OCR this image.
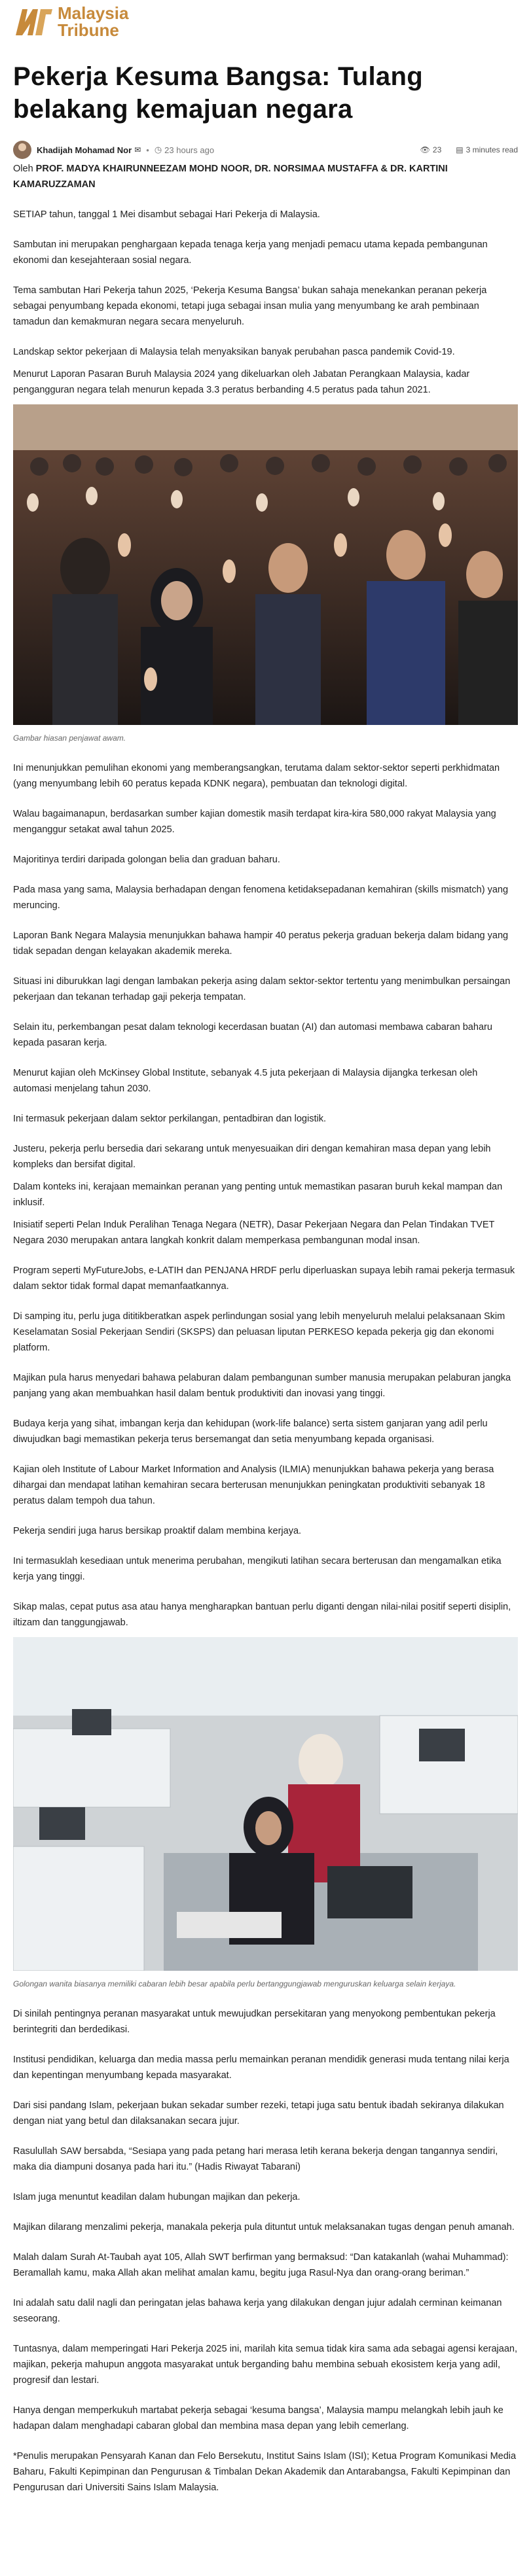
Malaysia
Tribune
Pekerja Kesuma Bangsa: Tulang belakang kemajuan negara
Khadijah Mohamad Nor ✉ • ◷ 23 hours ago	👁 23 ▤ 3 minutes read

Oleh PROF. MADYA KHAIRUNNEEZAM MOHD NOOR, DR. NORSIMAA MUSTAFFA & DR. KARTINI KAMARUZZAMAN

SETIAP tahun, tanggal 1 Mei disambut sebagai Hari Pekerja di Malaysia.

Sambutan ini merupakan penghargaan kepada tenaga kerja yang menjadi pemacu utama kepada pembangunan ekonomi dan kesejahteraan sosial negara.

Tema sambutan Hari Pekerja tahun 2025, ‘Pekerja Kesuma Bangsa’ bukan sahaja menekankan peranan pekerja sebagai penyumbang kepada ekonomi, tetapi juga sebagai insan mulia yang menyumbang ke arah pembinaan tamadun dan kemakmuran negara secara menyeluruh.

Landskap sektor pekerjaan di Malaysia telah menyaksikan banyak perubahan pasca pandemik Covid-19.

Menurut Laporan Pasaran Buruh Malaysia 2024 yang dikeluarkan oleh Jabatan Perangkaan Malaysia, kadar pengangguran negara telah menurun kepada 3.3 peratus berbanding 4.5 peratus pada tahun 2021.

Gambar hiasan penjawat awam.

Ini menunjukkan pemulihan ekonomi yang memberangsangkan, terutama dalam sektor-sektor seperti perkhidmatan (yang menyumbang lebih 60 peratus kepada KDNK negara), pembuatan dan teknologi digital.

Walau bagaimanapun, berdasarkan sumber kajian domestik masih terdapat kira-kira 580,000 rakyat Malaysia yang menganggur setakat awal tahun 2025.

Majoritinya terdiri daripada golongan belia dan graduan baharu.

Pada masa yang sama, Malaysia berhadapan dengan fenomena ketidaksepadanan kemahiran (skills mismatch) yang meruncing.

Laporan Bank Negara Malaysia menunjukkan bahawa hampir 40 peratus pekerja graduan bekerja dalam bidang yang tidak sepadan dengan kelayakan akademik mereka.

Situasi ini diburukkan lagi dengan lambakan pekerja asing dalam sektor-sektor tertentu yang menimbulkan persaingan pekerjaan dan tekanan terhadap gaji pekerja tempatan.

Selain itu, perkembangan pesat dalam teknologi kecerdasan buatan (AI) dan automasi membawa cabaran baharu kepada pasaran kerja.

Menurut kajian oleh McKinsey Global Institute, sebanyak 4.5 juta pekerjaan di Malaysia dijangka terkesan oleh automasi menjelang tahun 2030.

Ini termasuk pekerjaan dalam sektor perkilangan, pentadbiran dan logistik.

Justeru, pekerja perlu bersedia dari sekarang untuk menyesuaikan diri dengan kemahiran masa depan yang lebih kompleks dan bersifat digital.

Dalam konteks ini, kerajaan memainkan peranan yang penting untuk memastikan pasaran buruh kekal mampan dan inklusif.

Inisiatif seperti Pelan Induk Peralihan Tenaga Negara (NETR), Dasar Pekerjaan Negara dan Pelan Tindakan TVET Negara 2030 merupakan antara langkah konkrit dalam memperkasa pembangunan modal insan.

Program seperti MyFutureJobs, e-LATIH dan PENJANA HRDF perlu diperluaskan supaya lebih ramai pekerja termasuk dalam sektor tidak formal dapat memanfaatkannya.

Di samping itu, perlu juga dititikberatkan aspek perlindungan sosial yang lebih menyeluruh melalui pelaksanaan Skim Keselamatan Sosial Pekerjaan Sendiri (SKSPS) dan peluasan liputan PERKESO kepada pekerja gig dan ekonomi platform.

Majikan pula harus menyedari bahawa pelaburan dalam pembangunan sumber manusia merupakan pelaburan jangka panjang yang akan membuahkan hasil dalam bentuk produktiviti dan inovasi yang tinggi.

Budaya kerja yang sihat, imbangan kerja dan kehidupan (work-life balance) serta sistem ganjaran yang adil perlu diwujudkan bagi memastikan pekerja terus bersemangat dan setia menyumbang kepada organisasi.

Kajian oleh Institute of Labour Market Information and Analysis (ILMIA) menunjukkan bahawa pekerja yang berasa dihargai dan mendapat latihan kemahiran secara berterusan menunjukkan peningkatan produktiviti sebanyak 18 peratus dalam tempoh dua tahun.

Pekerja sendiri juga harus bersikap proaktif dalam membina kerjaya.

Ini termasuklah kesediaan untuk menerima perubahan, mengikuti latihan secara berterusan dan mengamalkan etika kerja yang tinggi.

Sikap malas, cepat putus asa atau hanya mengharapkan bantuan perlu diganti dengan nilai-nilai positif seperti disiplin, iltizam dan tanggungjawab.

Golongan wanita biasanya memiliki cabaran lebih besar apabila perlu bertanggungjawab menguruskan keluarga selain kerjaya.

Di sinilah pentingnya peranan masyarakat untuk mewujudkan persekitaran yang menyokong pembentukan pekerja berintegriti dan berdedikasi.

Institusi pendidikan, keluarga dan media massa perlu memainkan peranan mendidik generasi muda tentang nilai kerja dan kepentingan menyumbang kepada masyarakat.

Dari sisi pandang Islam, pekerjaan bukan sekadar sumber rezeki, tetapi juga satu bentuk ibadah sekiranya dilakukan dengan niat yang betul dan dilaksanakan secara jujur.

Rasulullah SAW bersabda, “Sesiapa yang pada petang hari merasa letih kerana bekerja dengan tangannya sendiri, maka dia diampuni dosanya pada hari itu.” (Hadis Riwayat Tabarani)

Islam juga menuntut keadilan dalam hubungan majikan dan pekerja.

Majikan dilarang menzalimi pekerja, manakala pekerja pula dituntut untuk melaksanakan tugas dengan penuh amanah.

Malah dalam Surah At-Taubah ayat 105, Allah SWT berfirman yang bermaksud: “Dan katakanlah (wahai Muhammad): Beramallah kamu, maka Allah akan melihat amalan kamu, begitu juga Rasul-Nya dan orang-orang beriman.”

Ini adalah satu dalil nagli dan peringatan jelas bahawa kerja yang dilakukan dengan jujur adalah cerminan keimanan seseorang.

Tuntasnya, dalam memperingati Hari Pekerja 2025 ini, marilah kita semua tidak kira sama ada sebagai agensi kerajaan, majikan, pekerja mahupun anggota masyarakat untuk berganding bahu membina sebuah ekosistem kerja yang adil, progresif dan lestari.

Hanya dengan memperkukuh martabat pekerja sebagai ‘kesuma bangsa’, Malaysia mampu melangkah lebih jauh ke hadapan dalam menghadapi cabaran global dan membina masa depan yang lebih cemerlang.

*Penulis merupakan Pensyarah Kanan dan Felo Bersekutu, Institut Sains Islam (ISI); Ketua Program Komunikasi Media Baharu, Fakulti Kepimpinan dan Pengurusan & Timbalan Dekan Akademik dan Antarabangsa, Fakulti Kepimpinan dan Pengurusan dari Universiti Sains Islam Malaysia.
